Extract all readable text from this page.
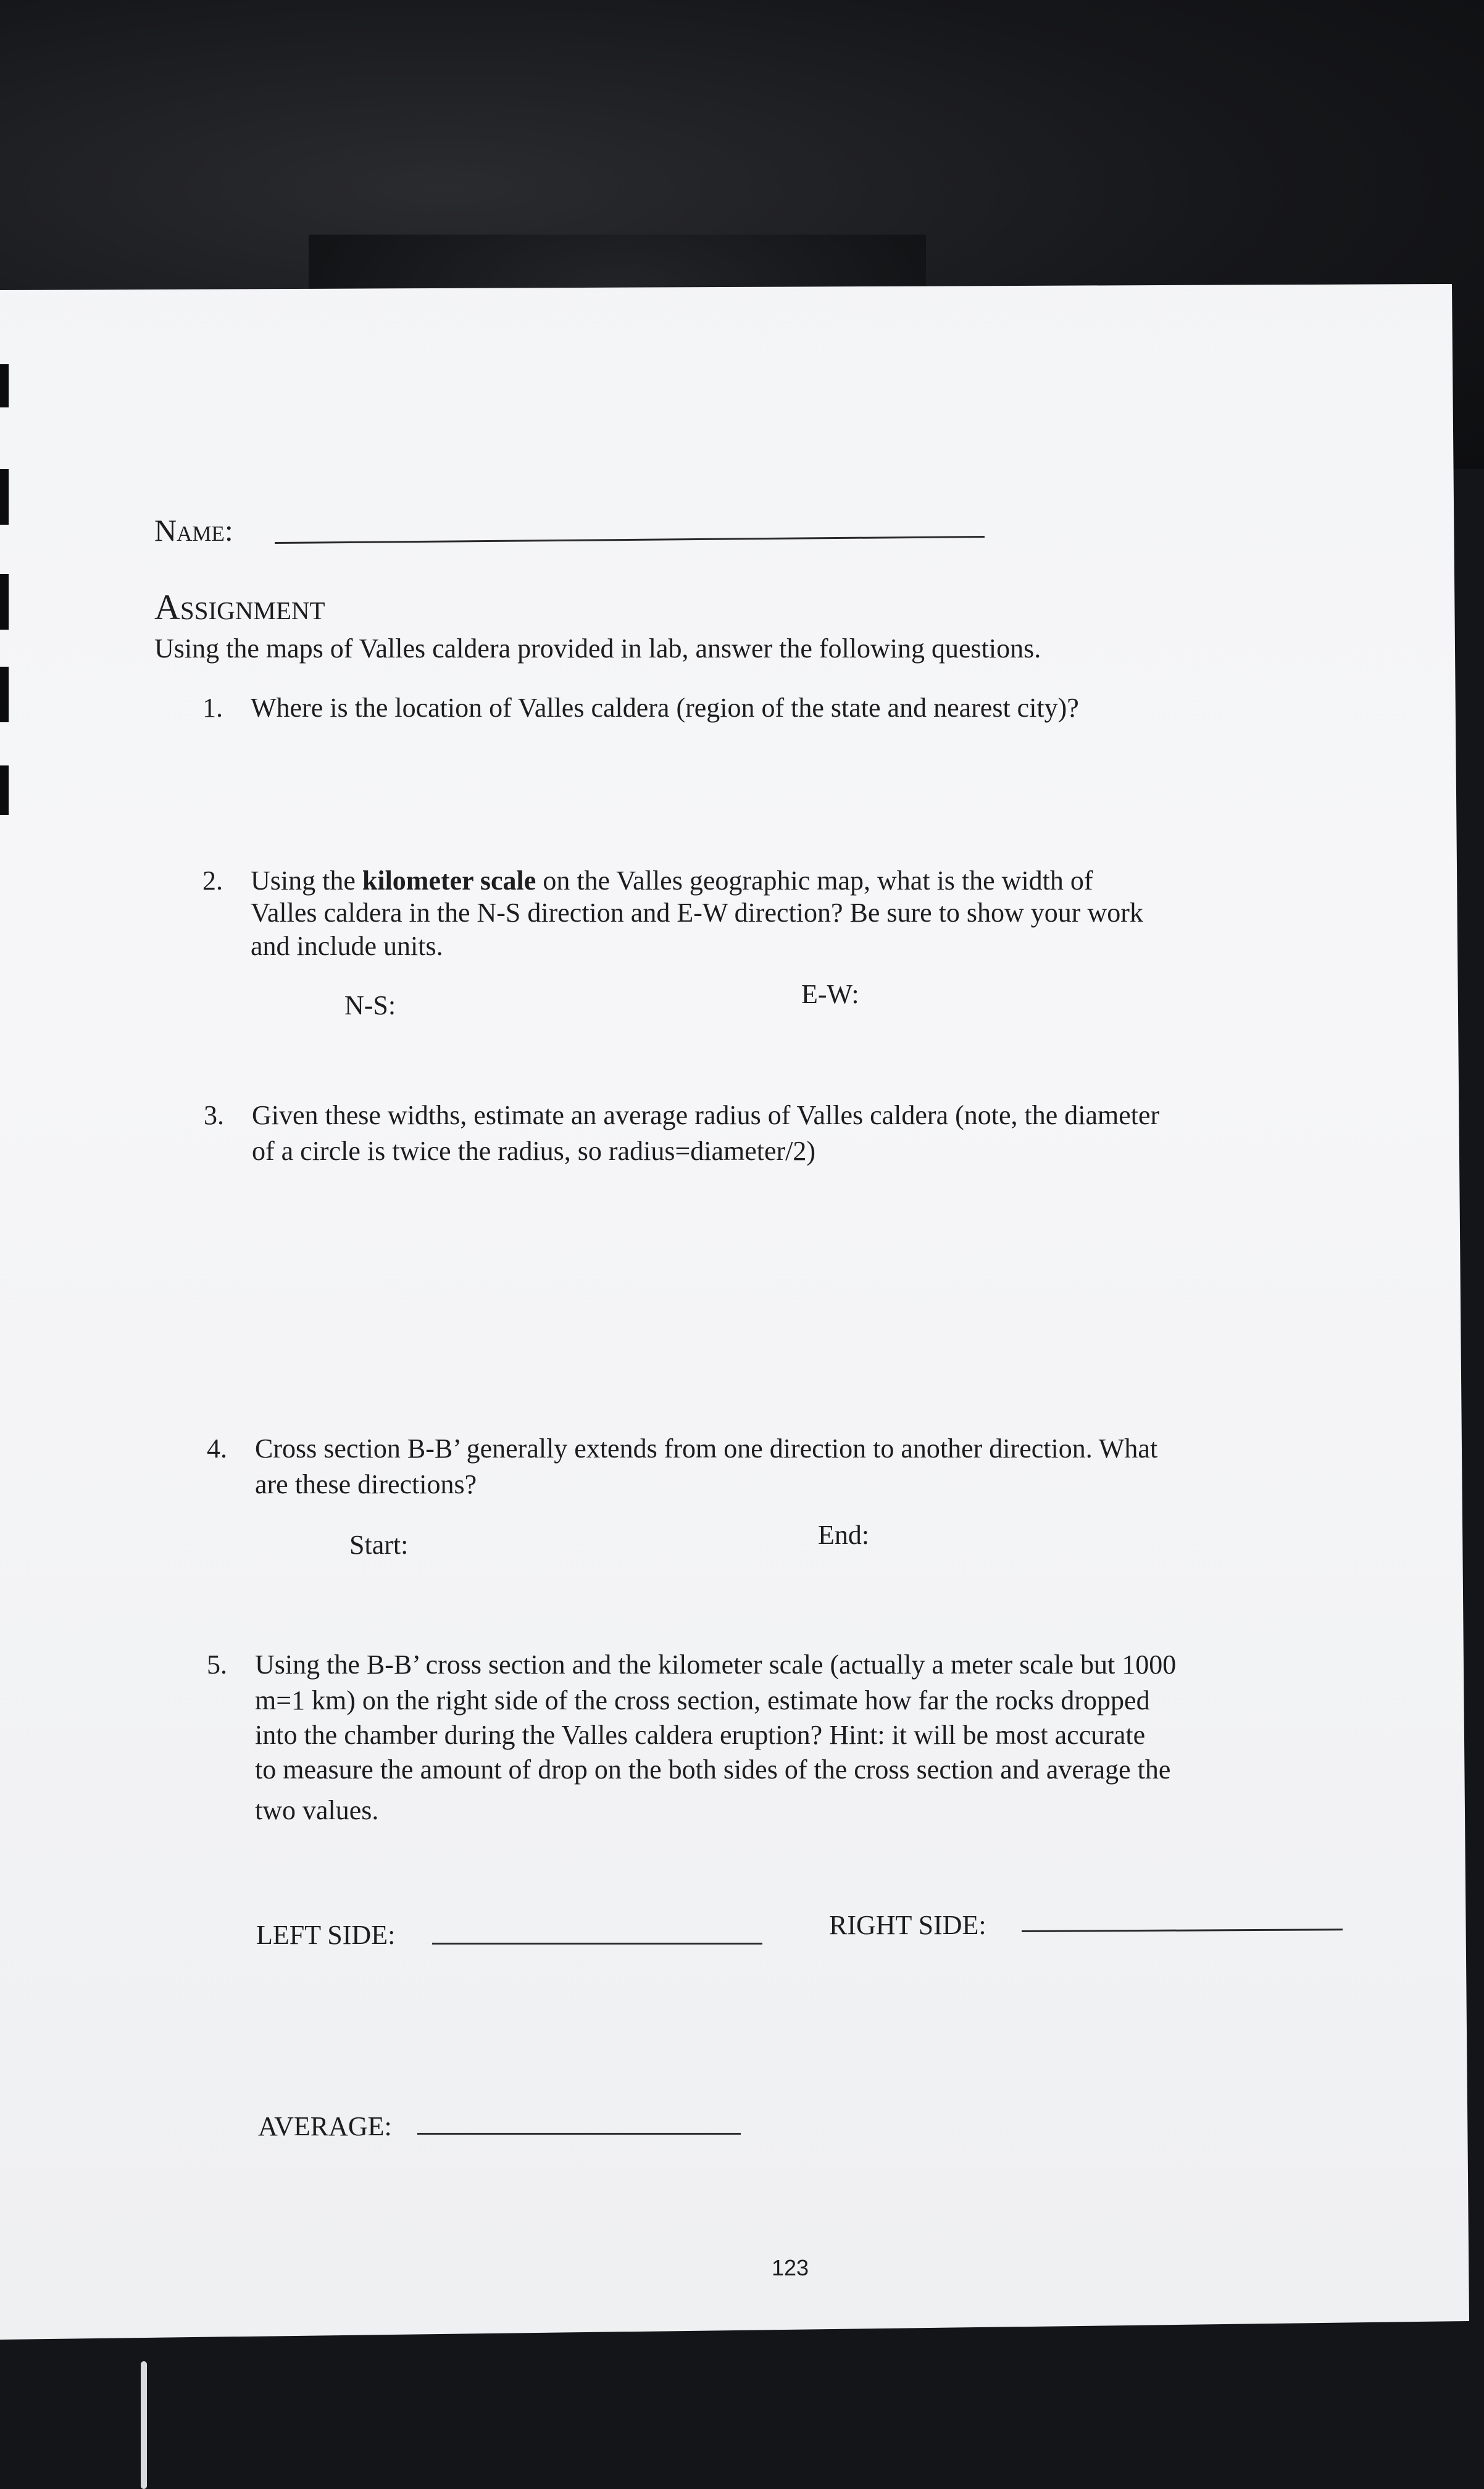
Name:
Assignment
Using the maps of Valles caldera provided in lab, answer the following questions.
1. Where is the location of Valles caldera (region of the state and nearest city)?
2. Using the kilometer scale on the Valles geographic map, what is the width of
Valles caldera in the N-S direction and E-W direction? Be sure to show your work
and include units.
N-S:	E-W:
3. Given these widths, estimate an average radius of Valles caldera (note, the diameter
of a circle is twice the radius, so radius=diameter/2)
4. Cross section B-B’ generally extends from one direction to another direction. What
are these directions?
Start:	End:
5. Using the B-B’ cross section and the kilometer scale (actually a meter scale but 1000
m=1 km) on the right side of the cross section, estimate how far the rocks dropped
into the chamber during the Valles caldera eruption? Hint: it will be most accurate
to measure the amount of drop on the both sides of the cross section and average the
two values.
LEFT SIDE:	RIGHT SIDE:
AVERAGE:
123
